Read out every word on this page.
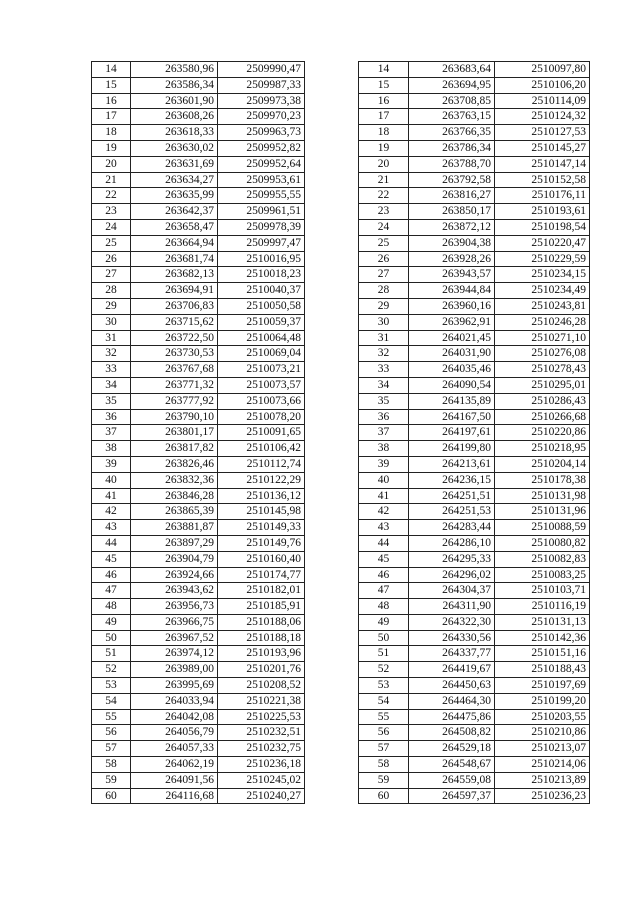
14	263580,96	2509990,47
15	263586,34	2509987,33
16	263601,90	2509973,38
17	263608,26	2509970,23
18	263618,33	2509963,73
19	263630,02	2509952,82
20	263631,69	2509952,64
21	263634,27	2509953,61
22	263635,99	2509955,55
23	263642,37	2509961,51
24	263658,47	2509978,39
25	263664,94	2509997,47
26	263681,74	2510016,95
27	263682,13	2510018,23
28	263694,91	2510040,37
29	263706,83	2510050,58
30	263715,62	2510059,37
31	263722,50	2510064,48
32	263730,53	2510069,04
33	263767,68	2510073,21
34	263771,32	2510073,57
35	263777,92	2510073,66
36	263790,10	2510078,20
37	263801,17	2510091,65
38	263817,82	2510106,42
39	263826,46	2510112,74
40	263832,36	2510122,29
41	263846,28	2510136,12
42	263865,39	2510145,98
43	263881,87	2510149,33
44	263897,29	2510149,76
45	263904,79	2510160,40
46	263924,66	2510174,77
47	263943,62	2510182,01
48	263956,73	2510185,91
49	263966,75	2510188,06
50	263967,52	2510188,18
51	263974,12	2510193,96
52	263989,00	2510201,76
53	263995,69	2510208,52
54	264033,94	2510221,38
55	264042,08	2510225,53
56	264056,79	2510232,51
57	264057,33	2510232,75
58	264062,19	2510236,18
59	264091,56	2510245,02
60	264116,68	2510240,27
14	263683,64	2510097,80
15	263694,95	2510106,20
16	263708,85	2510114,09
17	263763,15	2510124,32
18	263766,35	2510127,53
19	263786,34	2510145,27
20	263788,70	2510147,14
21	263792,58	2510152,58
22	263816,27	2510176,11
23	263850,17	2510193,61
24	263872,12	2510198,54
25	263904,38	2510220,47
26	263928,26	2510229,59
27	263943,57	2510234,15
28	263944,84	2510234,49
29	263960,16	2510243,81
30	263962,91	2510246,28
31	264021,45	2510271,10
32	264031,90	2510276,08
33	264035,46	2510278,43
34	264090,54	2510295,01
35	264135,89	2510286,43
36	264167,50	2510266,68
37	264197,61	2510220,86
38	264199,80	2510218,95
39	264213,61	2510204,14
40	264236,15	2510178,38
41	264251,51	2510131,98
42	264251,53	2510131,96
43	264283,44	2510088,59
44	264286,10	2510080,82
45	264295,33	2510082,83
46	264296,02	2510083,25
47	264304,37	2510103,71
48	264311,90	2510116,19
49	264322,30	2510131,13
50	264330,56	2510142,36
51	264337,77	2510151,16
52	264419,67	2510188,43
53	264450,63	2510197,69
54	264464,30	2510199,20
55	264475,86	2510203,55
56	264508,82	2510210,86
57	264529,18	2510213,07
58	264548,67	2510214,06
59	264559,08	2510213,89
60	264597,37	2510236,23
